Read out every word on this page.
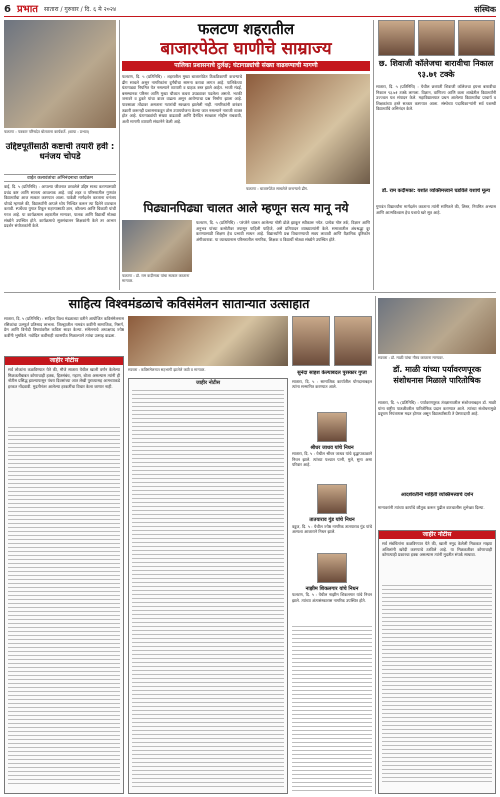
6 प्रभात सातारा / गुरुवार / दि. ६ मे २०२४	संस्थिक
फलटण : पत्रकार परिषदेत बोलताना कार्यकर्ते. (छाया : प्रभात)
उद्दिष्टपूर्तीसाठी कष्टाची तयारी हवी : धनंजय चोपडे
वाईत कलावंतांचा अभिनंदनाचा कार्यक्रम
वाई, दि. ५ (प्रतिनिधि) : आपल्या जीवनात ठरवलेले उद्दिष्ट साध्य करण्यासाठी प्रचंड कष्ट आणि सातत्य आवश्यक आहे. वाई शहर व परिसरातील गुणवंत विद्यार्थ्यांचा आज सत्कार करण्यात आला. यावेळी मार्गदर्शन करताना धनंजय चोपडे म्हणाले की, विद्यार्थ्यांनी आपले ध्येय निश्चित करून त्या दिशेने वाटचाल करावी. स्पर्धेच्या युगात टिकून राहण्यासाठी ज्ञान, कौशल्य आणि चिकाटी यांची गरज आहे. या कार्यक्रमास शहरातील मान्यवर, पालक आणि विद्यार्थी मोठ्या संख्येने उपस्थित होते. कार्यक्रमाचे सूत्रसंचालन शिक्षकांनी केले तर आभार प्रदर्शन संयोजकांनी केले.
फलटण शहरातील
बाजारपेठेत घाणीचे साम्राज्य
पालिका प्रशासनाचे दुर्लक्ष; घंटागाड्यांची संख्या वाढवण्याची मागणी
फलटण, दि. ५ (प्रतिनिधि) : शहरातील मुख्य बाजारपेठेत ठिकठिकाणी कचऱ्याचे ढीग साचले असून नागरिकांना दुर्गंधीचा सामना करावा लागत आहे. पालिकेच्या घंटागाड्या नियमित येत नसल्याने व्यापारी व ग्राहक त्रस्त झाले आहेत. भाजी मंडई, बसस्थानक परिसर आणि मुख्य चौकात कचरा उघड्यावर पडलेला असतो. भटकी जनावरे व डुकरे यांचा वावर वाढला असून आरोग्याचा प्रश्न निर्माण झाला आहे. पावसाळा तोंडावर असताना गटारांची स्वच्छता झालेली नाही. नागरिकांनी वारंवार तक्रारी करूनही प्रशासनाकडून ठोस उपाययोजना केल्या जात नसल्याने नाराजी व्यक्त होत आहे. घंटागाड्यांची संख्या वाढवावी आणि दैनंदिन स्वच्छता मोहीम राबवावी, अशी मागणी व्यापारी संघटनेने केली आहे.
फलटण : बाजारपेठेत साचलेले कचऱ्याचे ढीग.
छ. शिवाजी कॉलेजचा बारावीचा निकाल ९३.७१ टक्के
सातारा, दि. ५ (प्रतिनिधि) : येथील छत्रपती शिवाजी कॉलेजचा इयत्ता बारावीचा निकाल ९३.७१ टक्के लागला. विज्ञान, वाणिज्य आणि कला शाखेतील विद्यार्थ्यांनी उज्ज्वल यश संपादन केले. महाविद्यालयात प्रथम आलेल्या विद्यार्थ्यांचा प्राचार्य व शिक्षकांच्या हस्ते सत्कार करण्यात आला. संस्थेच्या पदाधिकाऱ्यांनी सर्व यशस्वी विद्यार्थ्यांचे अभिनंदन केले.
डॉ. राम कदीमका: यशांत व्यक्तिमत्त्वाने घडविले यशाचे मूल्य
गुणवंत विद्यार्थ्यांना मार्गदर्शन करताना त्यांनी सांगितले की, शिस्त, नियमित अभ्यास आणि आत्मविश्वास हेच यशाचे खरे सूत्र आहे.
पिढ्यानपिढ्या चालत आले म्हणून सत्य मानू नये
फलटण : डॉ. राम कदीमका यांचा सत्कार करताना मान्यवर.
फलटण, दि. ५ (प्रतिनिधि) : परंपरेने चालत आलेल्या गोष्टी डोळे झाकून स्वीकारू नयेत. प्रत्येक गोष्ट तर्क, विज्ञान आणि अनुभव यांच्या कसोटीवर तपासून पाहिली पाहिजे, असे प्रतिपादन व्याख्यात्यांनी केले. समाजातील अंधश्रद्धा दूर करण्यासाठी शिक्षण हेच प्रभावी साधन आहे. विद्यार्थ्यांनी प्रश्न विचारण्याची सवय लावावी आणि वैज्ञानिक दृष्टिकोन अंगीकारावा. या व्याख्यानास परिसरातील नागरिक, शिक्षक व विद्यार्थी मोठ्या संख्येने उपस्थित होते.
साहित्य विश्वमंडळाचे कविसंमेलन सातान्यात उत्साहात
सातारा, दि. ५ (प्रतिनिधि) : साहित्य विश्व मंडळाच्या वतीने आयोजित कविसंमेलनास रसिकांचा उत्स्फूर्त प्रतिसाद लाभला. जिल्ह्यातील नामवंत कवींनी सामाजिक, निसर्ग, प्रेम आणि विनोदी विषयांवरील कविता सादर केल्या. संमेलनाचे अध्यक्षपद ज्येष्ठ कवींनी भूषविले. नवोदित कवींनाही व्यासपीठ मिळाल्याने त्यांचा उत्साह वाढला.
सातारा : कविसंमेलनात सहभागी झालेले कवी व मान्यवर.
जाहीर नोटीस
सर्व लोकांना कळविण्यात येते की, मौजे सातारा येथील खाली वर्णन केलेल्या मिळकतीबाबत कोणाचाही हक्क, हितसंबंध, गहाण, बोजा असल्यास त्यांनी ही नोटीस प्रसिद्ध झाल्यापासून पंधरा दिवसांच्या आत लेखी पुराव्यासह आमच्याकडे हरकत नोंदवावी. मुदतीनंतर आलेल्या हरकतींचा विचार केला जाणार नाही.
जाहीर नोटीस
सुनंदा साहश केल्याबदल पुरस्कार गुप्ता
सातारा, दि. ५ : सामाजिक कार्यातील योगदानाबद्दल त्यांना सन्मानित करण्यात आले.
श्रीधर जाधव यांचे निधन
सातारा, दि. ५ : येथील श्रीधर जाधव यांचे वृद्धापकाळाने निधन झाले. त्यांच्या पश्चात पत्नी, मुले, सुना असा परिवार आहे.
तातयाराव गुंड यांचे निधन
वडूज, दि. ५ : येथील ज्येष्ठ नागरिक तातयाराव गुंड यांचे अल्पशा आजाराने निधन झाले.
नाझीम शिकलगार यांचे निधन
फलटण, दि. ५ : येथील नाझीम शिकलगार यांचे निधन झाले. त्यांच्या अंत्यसंस्कारास नागरिक उपस्थित होते.
सातारा : डॉ. माळी यांचा गौरव करताना मान्यवर.
डॉ. माळी यांच्या पर्यावरणपूरक संशोधनास मिळाले पारितोषिक
सातारा, दि. ५ (प्रतिनिधि) : पर्यावरणपूरक तंत्रज्ञानावरील संशोधनाबद्दल डॉ. माळी यांना राष्ट्रीय पातळीवरील पारितोषिक प्रदान करण्यात आले. त्यांच्या संशोधनामुळे प्रदूषण नियंत्रणास मदत होणार असून विद्यार्थ्यांसाठी ते प्रेरणादायी आहे.
आदर्शवतीनी माहिती व्यक्तिमत्त्वाचे दर्शन
मान्यवरांनी त्यांच्या कार्याचे कौतुक करून पुढील वाटचालीस शुभेच्छा दिल्या.
जाहीर नोटीस
सर्व संबंधितांना कळविण्यात येते की, खाली नमूद केलेली मिळकत माझ्या अशिलांनी खरेदी करण्याचे ठरविले आहे. या मिळकतीवर कोणाचाही कोणत्याही प्रकारचा हक्क असल्यास त्यांनी मुदतीत संपर्क साधावा.
